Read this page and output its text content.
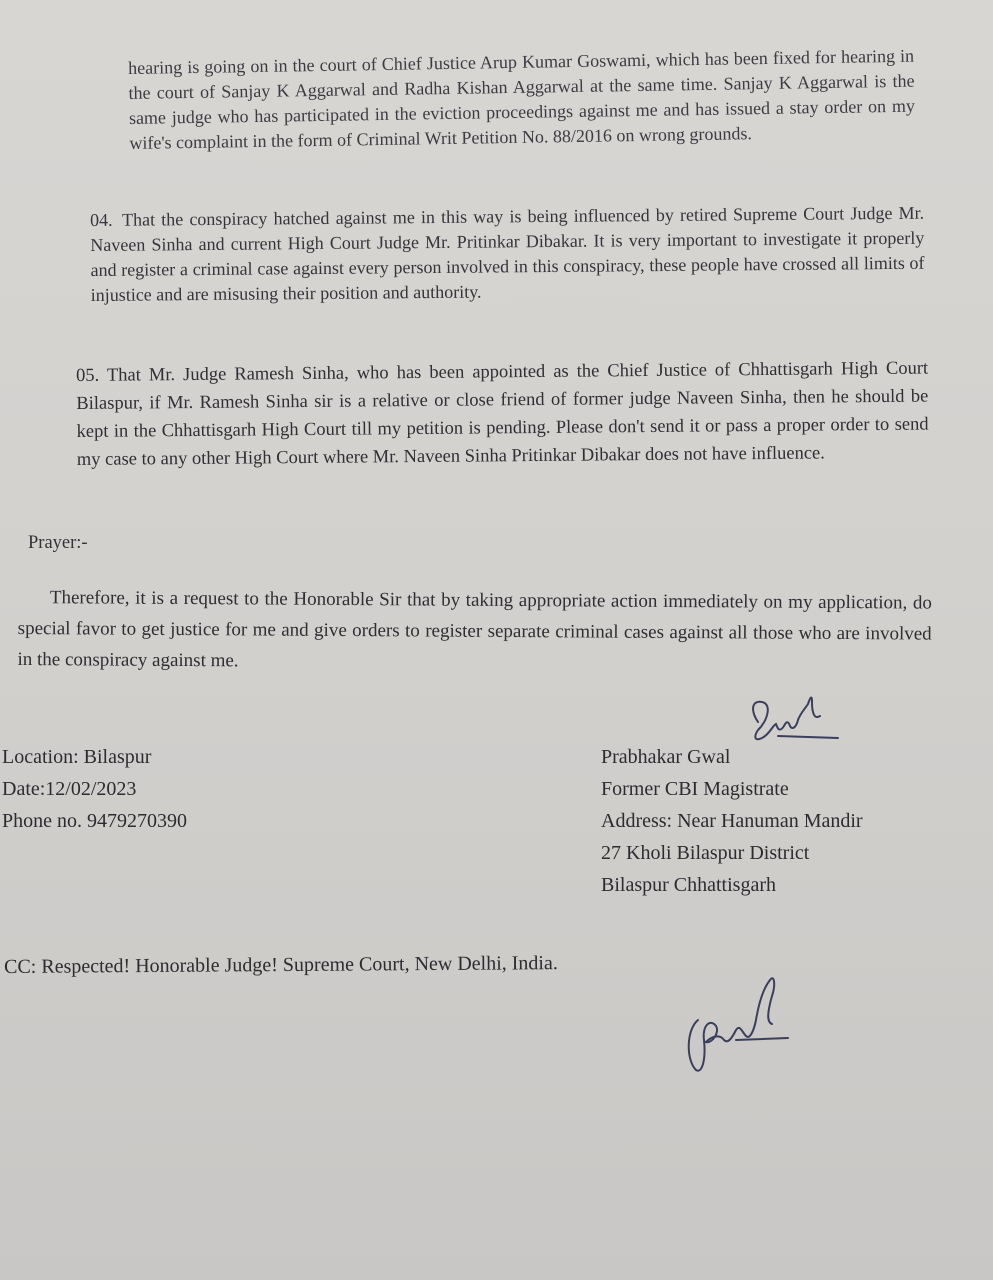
hearing is going on in the court of Chief Justice Arup Kumar Goswami, which has been fixed for hearing in the court of Sanjay K Aggarwal and Radha Kishan Aggarwal at the same time. Sanjay K Aggarwal is the same judge who has participated in the eviction proceedings against me and has issued a stay order on my wife's complaint in the form of Criminal Writ Petition No. 88/2016 on wrong grounds.
04. That the conspiracy hatched against me in this way is being influenced by retired Supreme Court Judge Mr. Naveen Sinha and current High Court Judge Mr. Pritinkar Dibakar. It is very important to investigate it properly and register a criminal case against every person involved in this conspiracy, these people have crossed all limits of injustice and are misusing their position and authority.
05. That Mr. Judge Ramesh Sinha, who has been appointed as the Chief Justice of Chhattisgarh High Court Bilaspur, if Mr. Ramesh Sinha sir is a relative or close friend of former judge Naveen Sinha, then he should be kept in the Chhattisgarh High Court till my petition is pending. Please don't send it or pass a proper order to send my case to any other High Court where Mr. Naveen Sinha Pritinkar Dibakar does not have influence.
Prayer:-
Therefore, it is a request to the Honorable Sir that by taking appropriate action immediately on my application, do special favor to get justice for me and give orders to register separate criminal cases against all those who are involved in the conspiracy against me.
Location: Bilaspur
Date:12/02/2023
Phone no. 9479270390
Prabhakar Gwal
Former CBI Magistrate
Address: Near Hanuman Mandir
27 Kholi Bilaspur District
Bilaspur Chhattisgarh
CC: Respected! Honorable Judge! Supreme Court, New Delhi, India.
